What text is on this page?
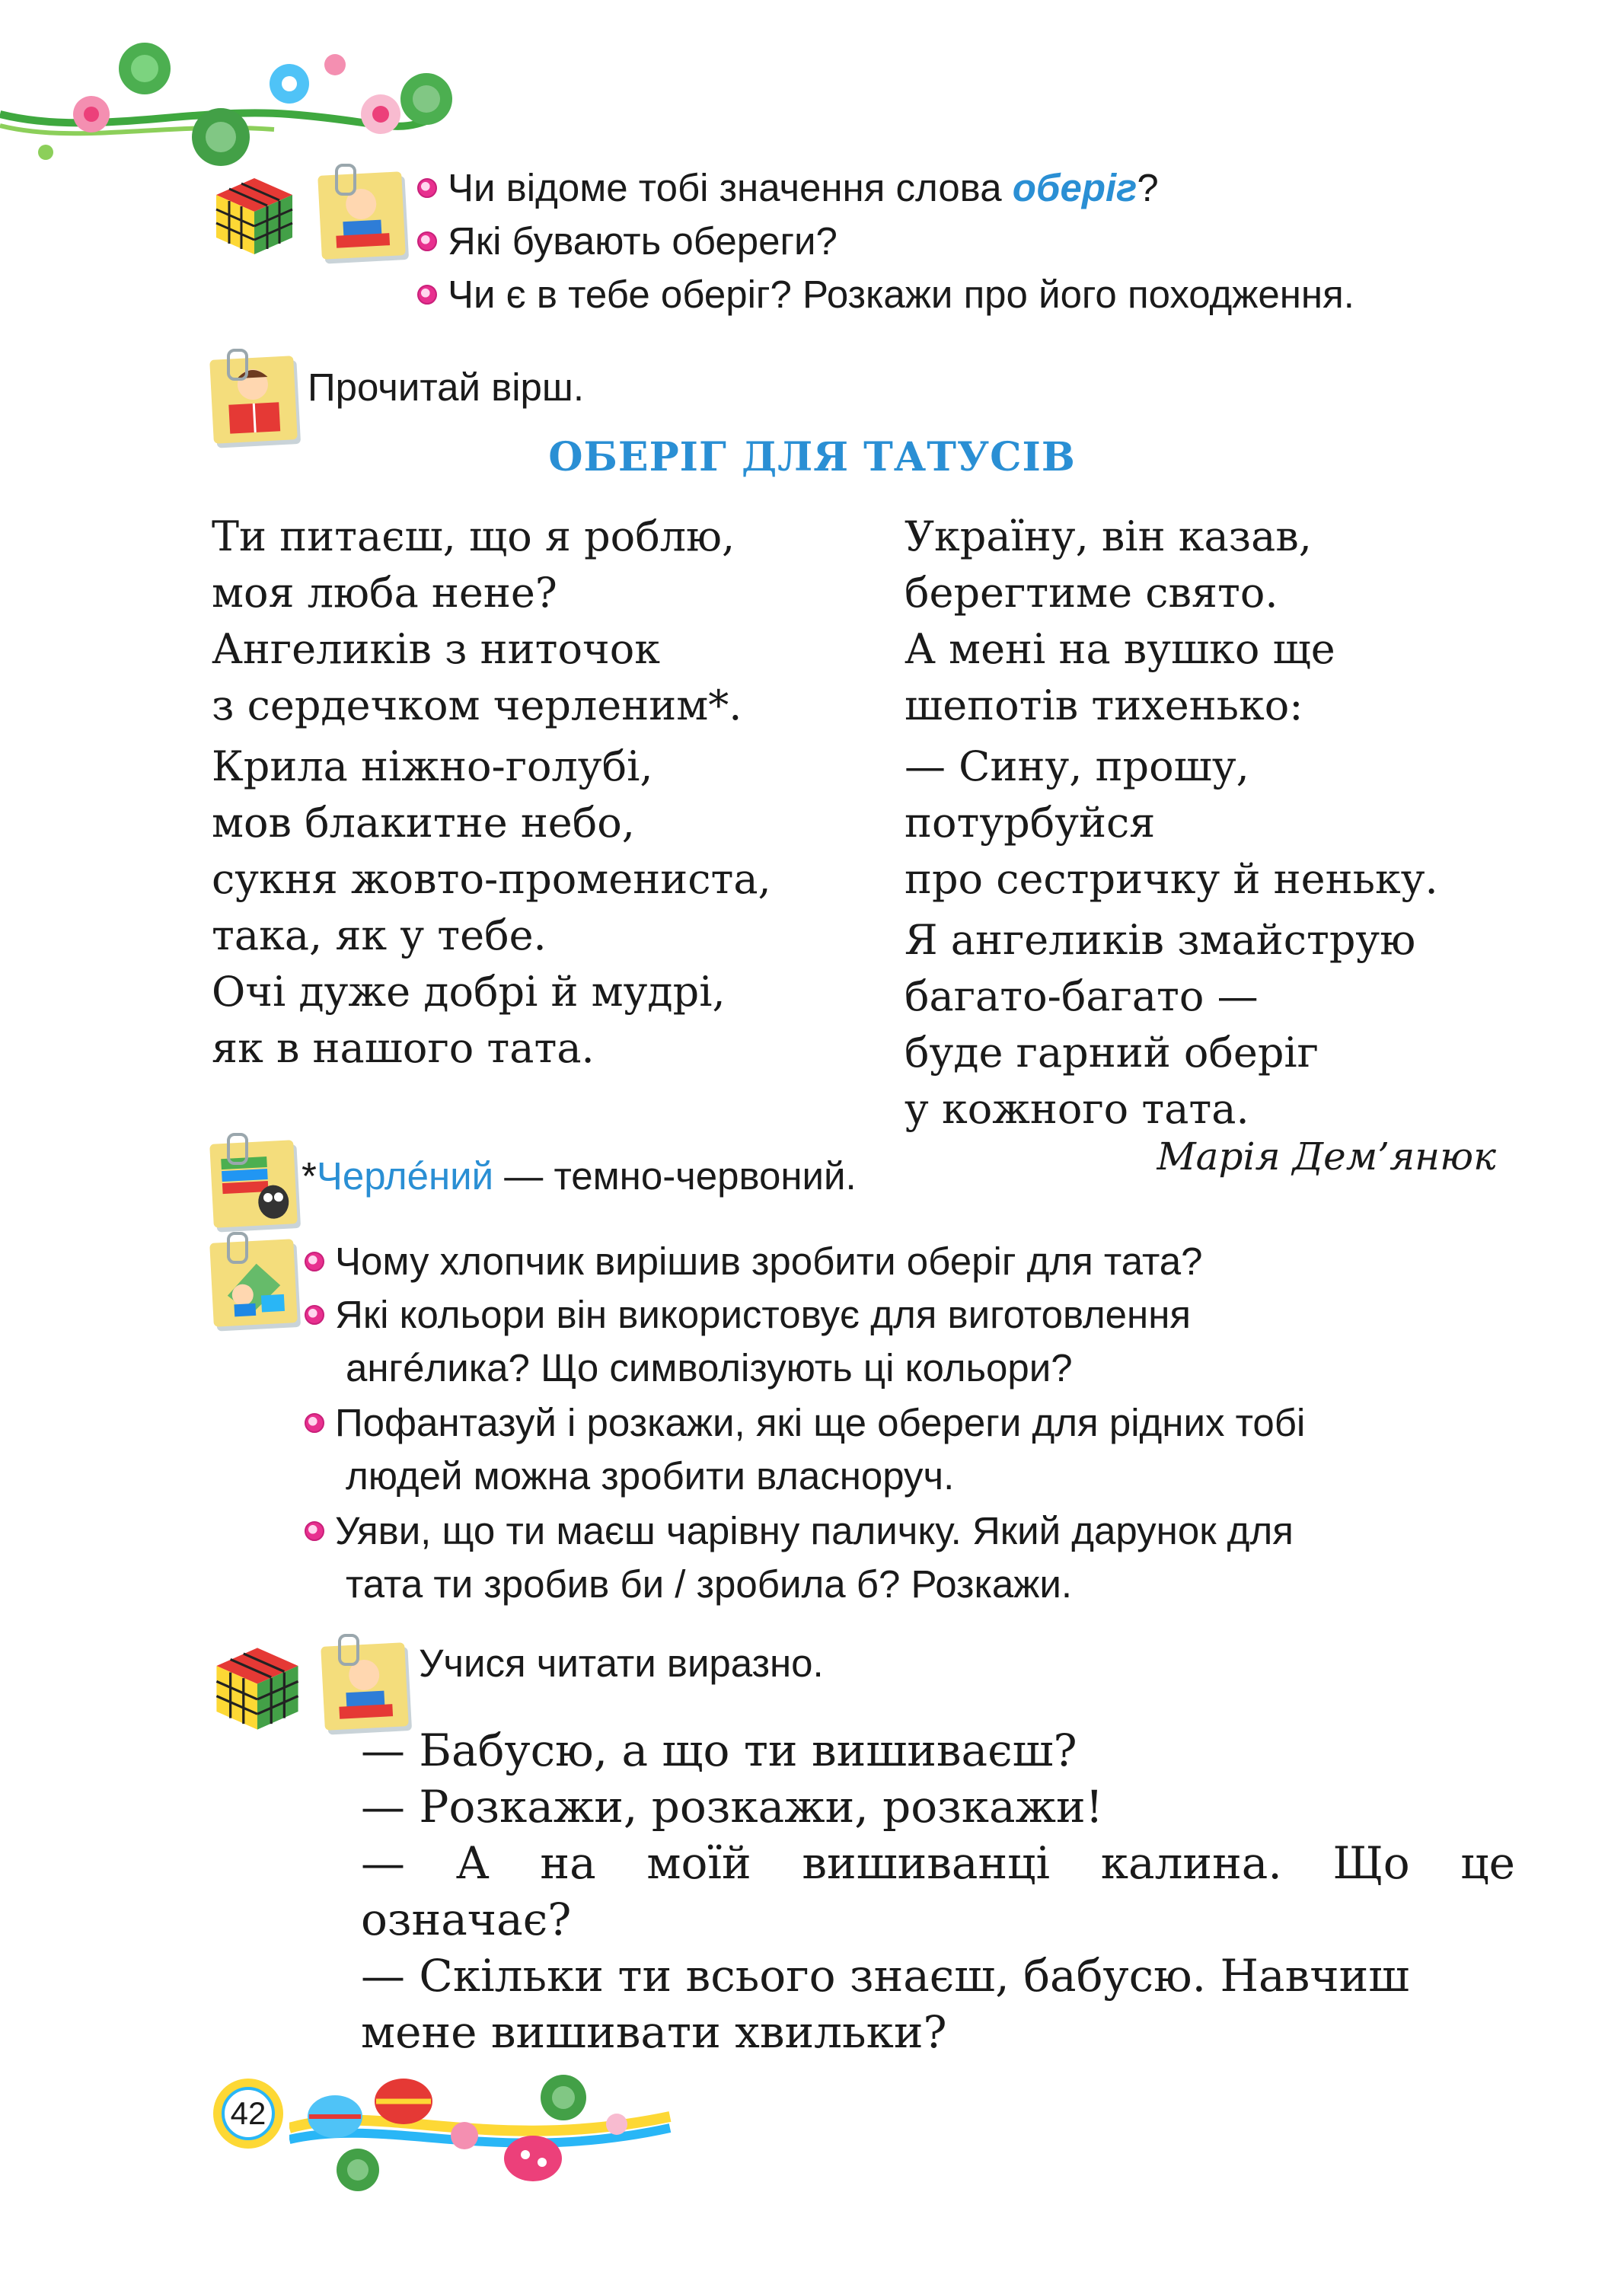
Чи відоме тобі значення слова оберіг?
Які бувають обереги?
Чи є в тебе оберіг? Розкажи про його походження.
Прочитай вірш.
ОБЕРІГ ДЛЯ ТАТУСІВ
Ти питаєш, що я роблю,
моя люба нене?
Ангеликів з ниточок
з сердечком черленим*.
Крила ніжно-голубі,
мов блакитне небо,
сукня жовто-промениста,
така, як у тебе.
Очі дуже добрі й мудрі,
як в нашого тата.
Україну, він казав,
берегтиме свято.
А мені на вушко ще
шепотів тихенько:
— Сину, прошу,
потурбуйся
про сестричку й неньку.
Я ангеликів змайструю
багато-багато —
буде гарний оберіг
у кожного тата.
Марія Дем’янюк
*Черлéний — темно-червоний.
Чому хлопчик вирішив зробити оберіг для тата?
Які кольори він використовує для виготовлення
ангéлика? Що символізують ці кольори?
Пофантазуй і розкажи, які ще обереги для рідних тобі
людей можна зробити власноруч.
Уяви, що ти маєш чарівну паличку. Який дарунок для
тата ти зробив би / зробила б? Розкажи.
Учися читати виразно.
— Бабусю, а що ти вишиваєш?
— Розкажи, розкажи, розкажи!
— А на моїй вишиванці калина. Що це
означає?
— Скільки ти всього знаєш, бабусю. Навчиш
мене вишивати хвильки?
42
